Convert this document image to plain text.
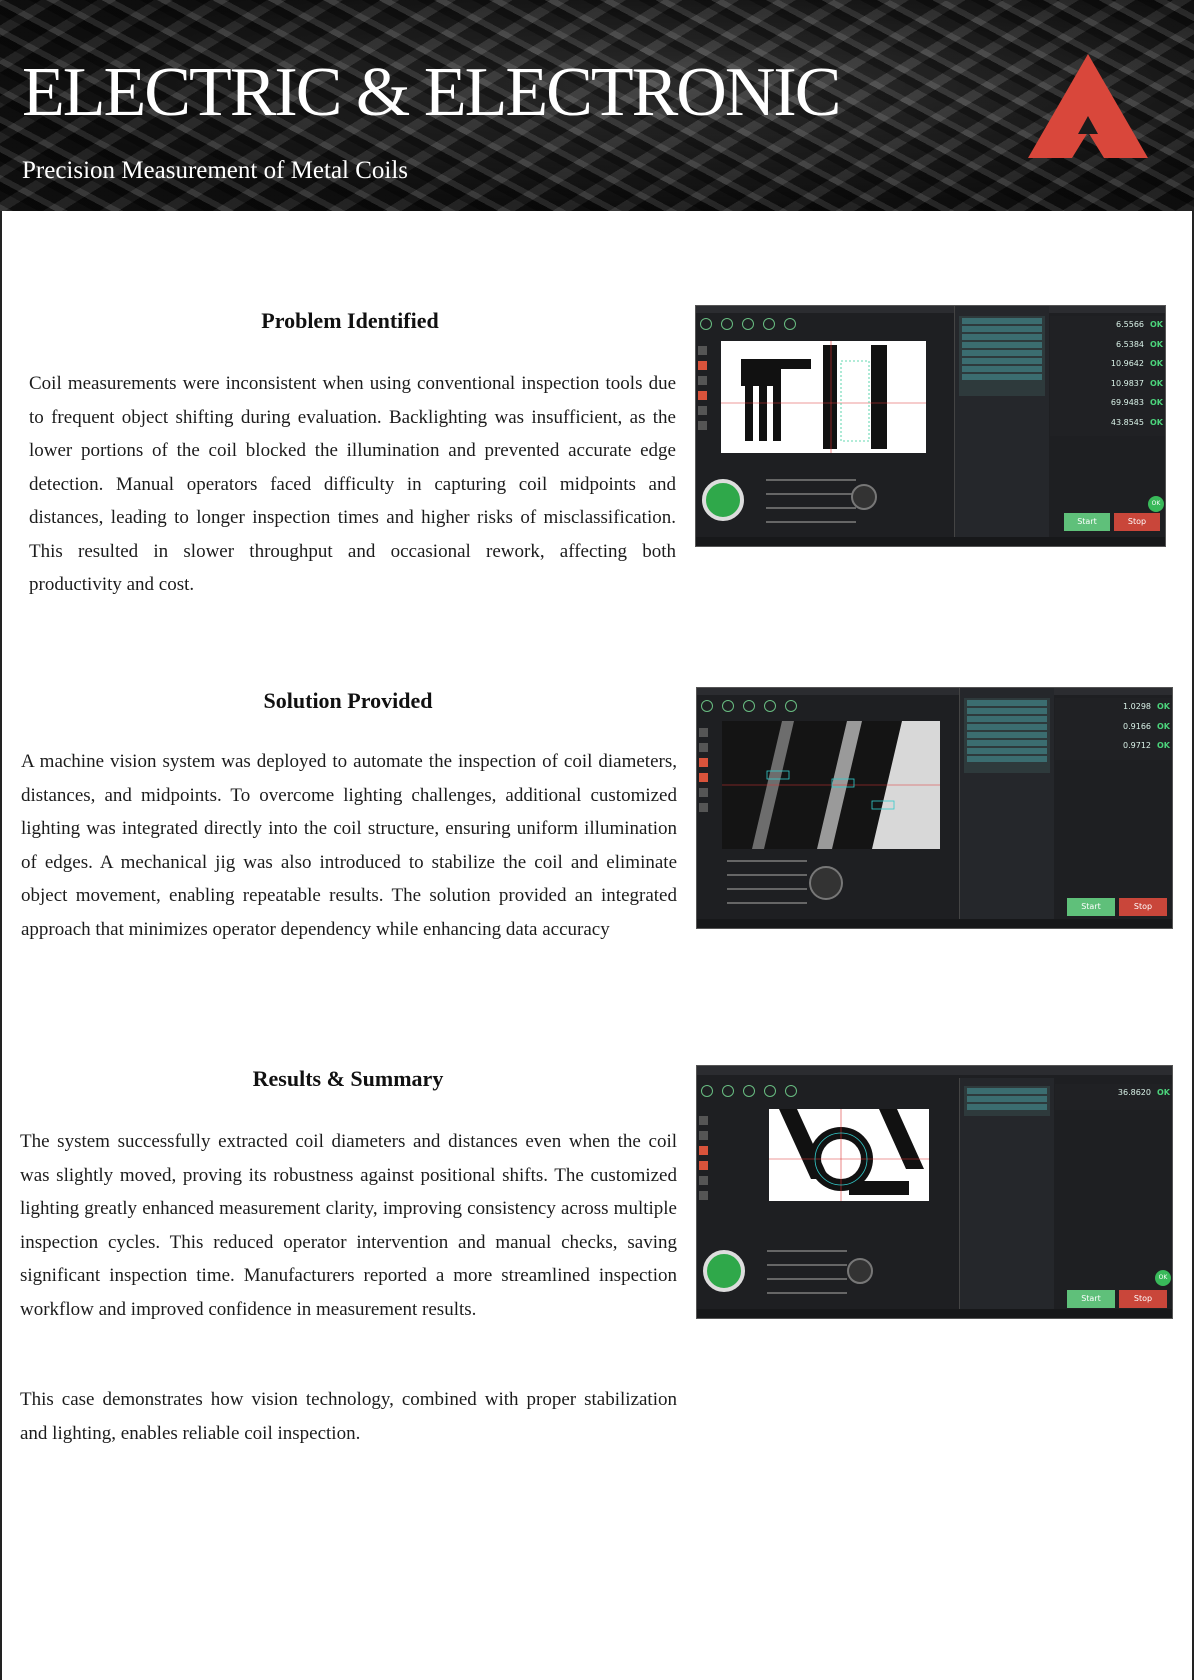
ELECTRIC & ELECTRONIC
Precision Measurement of Metal Coils
Problem Identified
Coil measurements were inconsistent when using conventional inspection tools due to frequent object shifting during evaluation. Backlighting was insufficient, as the lower portions of the coil blocked the illumination and prevented accurate edge detection. Manual operators faced difficulty in capturing coil midpoints and distances, leading to longer inspection times and higher risks of misclassification. This resulted in slower throughput and occasional rework, affecting both productivity and cost.
6.5566 OK
6.5384 OK
10.9642 OK
10.9837 OK
69.9483 OK
43.8545 OK
OK
Start	Stop
Solution Provided
A machine vision system was deployed to automate the inspection of coil diameters, distances, and midpoints. To overcome lighting challenges, additional customized lighting was integrated directly into the coil structure, ensuring uniform illumination of edges. A mechanical jig was also introduced to stabilize the coil and eliminate object movement, enabling repeatable results. The solution provided an integrated approach that minimizes operator dependency while enhancing data accuracy
1.0298 OK
0.9166 OK
0.9712 OK
Start	Stop
Results & Summary
The system successfully extracted coil diameters and distances even when the coil was slightly moved, proving its robustness against positional shifts. The customized lighting greatly enhanced measurement clarity, improving consistency across multiple inspection cycles. This reduced operator intervention and manual checks, saving significant inspection time. Manufacturers reported a more streamlined inspection workflow and improved confidence in measurement results.
This case demonstrates how vision technology, combined with proper stabilization and lighting, enables reliable coil inspection.
36.8620 OK
OK
Start	Stop
